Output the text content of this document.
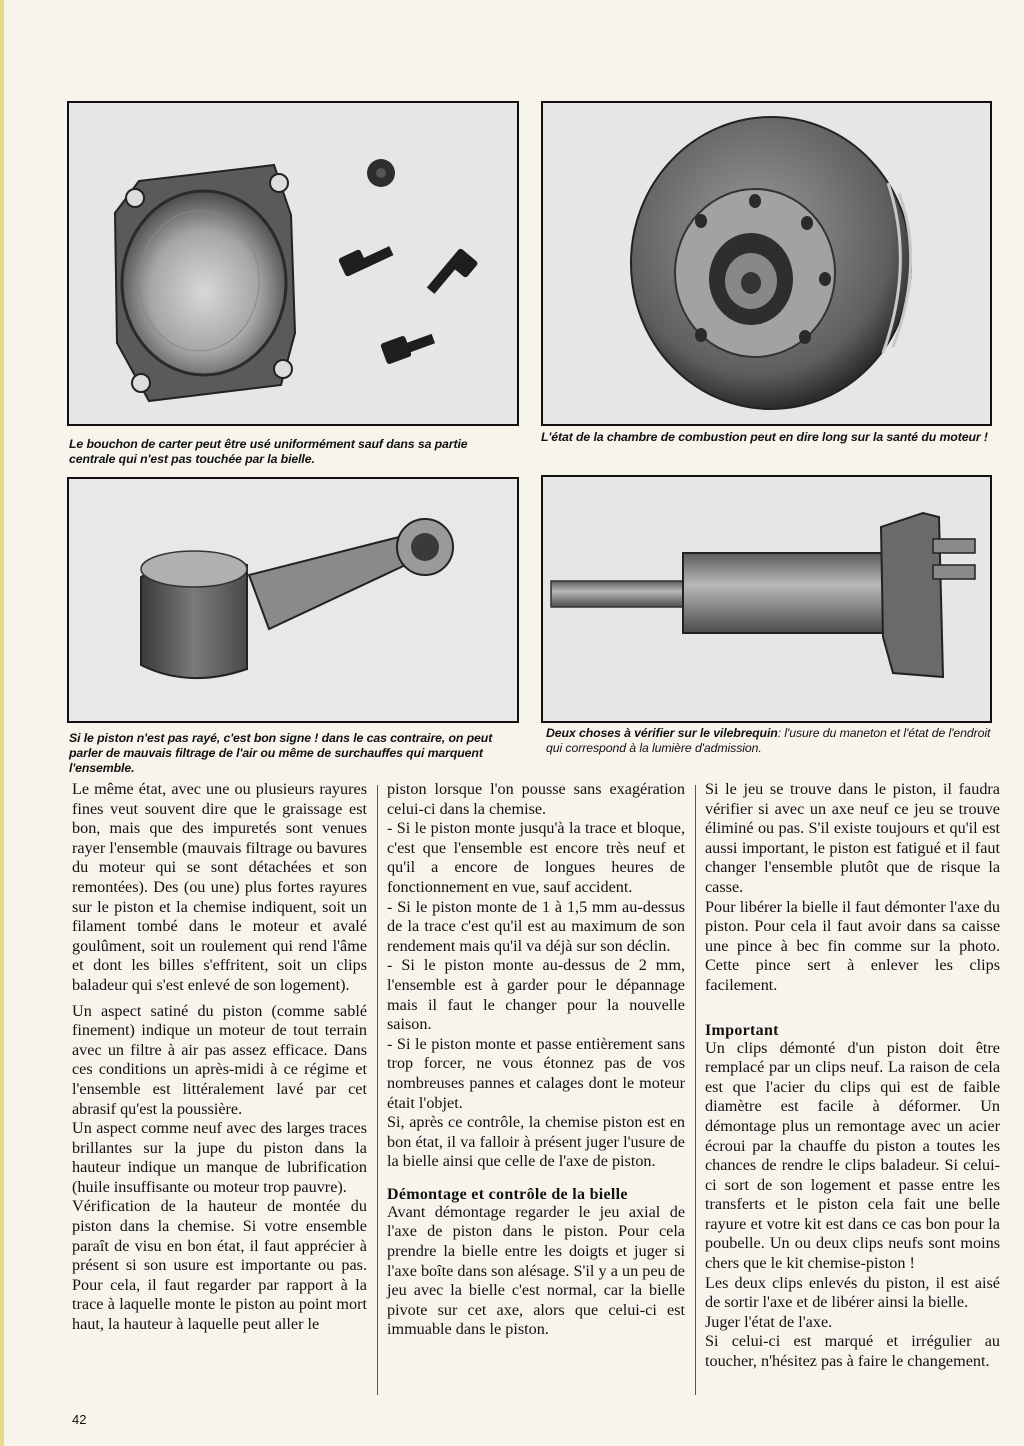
Le bouchon de carter peut être usé uniformément sauf dans sa partie centrale qui n'est pas touchée par la bielle.

L'état de la chambre de combustion peut en dire long sur la santé du moteur !

Si le piston n'est pas rayé, c'est bon signe ! dans le cas contraire, on peut parler de mauvais filtrage de l'air ou même de surchauffes qui marquent l'ensemble.

Deux choses à vérifier sur le vilebrequin: l'usure du maneton et l'état de l'endroit qui correspond à la lumière d'admission.

Le même état, avec une ou plusieurs rayures fines veut souvent dire que le graissage est bon, mais que des impuretés sont venues rayer l'ensemble (mauvais filtrage ou bavures du moteur qui se sont détachées et son remontées). Des (ou une) plus fortes rayures sur le piston et la chemise indiquent, soit un filament tombé dans le moteur et avalé goulûment, soit un roulement qui rend l'âme et dont les billes s'effritent, soit un clips baladeur qui s'est enlevé de son logement).

Un aspect satiné du piston (comme sablé finement) indique un moteur de tout terrain avec un filtre à air pas assez efficace. Dans ces conditions un après-midi à ce régime et l'ensemble est littéralement lavé par cet abrasif qu'est la poussière.

Un aspect comme neuf avec des larges traces brillantes sur la jupe du piston dans la hauteur indique un manque de lubrification (huile insuffisante ou moteur trop pauvre).

Vérification de la hauteur de montée du piston dans la chemise. Si votre ensemble paraît de visu en bon état, il faut apprécier à présent si son usure est importante ou pas. Pour cela, il faut regarder par rapport à la trace à laquelle monte le piston au point mort haut, la hauteur à laquelle peut aller le

piston lorsque l'on pousse sans exagération celui-ci dans la chemise.

- Si le piston monte jusqu'à la trace et bloque, c'est que l'ensemble est encore très neuf et qu'il a encore de longues heures de fonctionnement en vue, sauf accident.

- Si le piston monte de 1 à 1,5 mm au-dessus de la trace c'est qu'il est au maximum de son rendement mais qu'il va déjà sur son déclin.

- Si le piston monte au-dessus de 2 mm, l'ensemble est à garder pour le dépannage mais il faut le changer pour la nouvelle saison.

- Si le piston monte et passe entièrement sans trop forcer, ne vous étonnez pas de vos nombreuses pannes et calages dont le moteur était l'objet.

Si, après ce contrôle, la chemise piston est en bon état, il va falloir à présent juger l'usure de la bielle ainsi que celle de l'axe de piston.

Démontage et contrôle de la bielle

Avant démontage regarder le jeu axial de l'axe de piston dans le piston. Pour cela prendre la bielle entre les doigts et juger si l'axe boîte dans son alésage. S'il y a un peu de jeu avec la bielle c'est normal, car la bielle pivote sur cet axe, alors que celui-ci est immuable dans le piston.

Si le jeu se trouve dans le piston, il faudra vérifier si avec un axe neuf ce jeu se trouve éliminé ou pas. S'il existe toujours et qu'il est aussi important, le piston est fatigué et il faut changer l'ensemble plutôt que de risque la casse.

Pour libérer la bielle il faut démonter l'axe du piston. Pour cela il faut avoir dans sa caisse une pince à bec fin comme sur la photo. Cette pince sert à enlever les clips facilement.

Important

Un clips démonté d'un piston doit être remplacé par un clips neuf. La raison de cela est que l'acier du clips qui est de faible diamètre est facile à déformer. Un démontage plus un remontage avec un acier écroui par la chauffe du piston a toutes les chances de rendre le clips baladeur. Si celui-ci sort de son logement et passe entre les transferts et le piston cela fait une belle rayure et votre kit est dans ce cas bon pour la poubelle. Un ou deux clips neufs sont moins chers que le kit chemise-piston !

Les deux clips enlevés du piston, il est aisé de sortir l'axe et de libérer ainsi la bielle.

Juger l'état de l'axe.

Si celui-ci est marqué et irrégulier au toucher, n'hésitez pas à faire le changement.

42
